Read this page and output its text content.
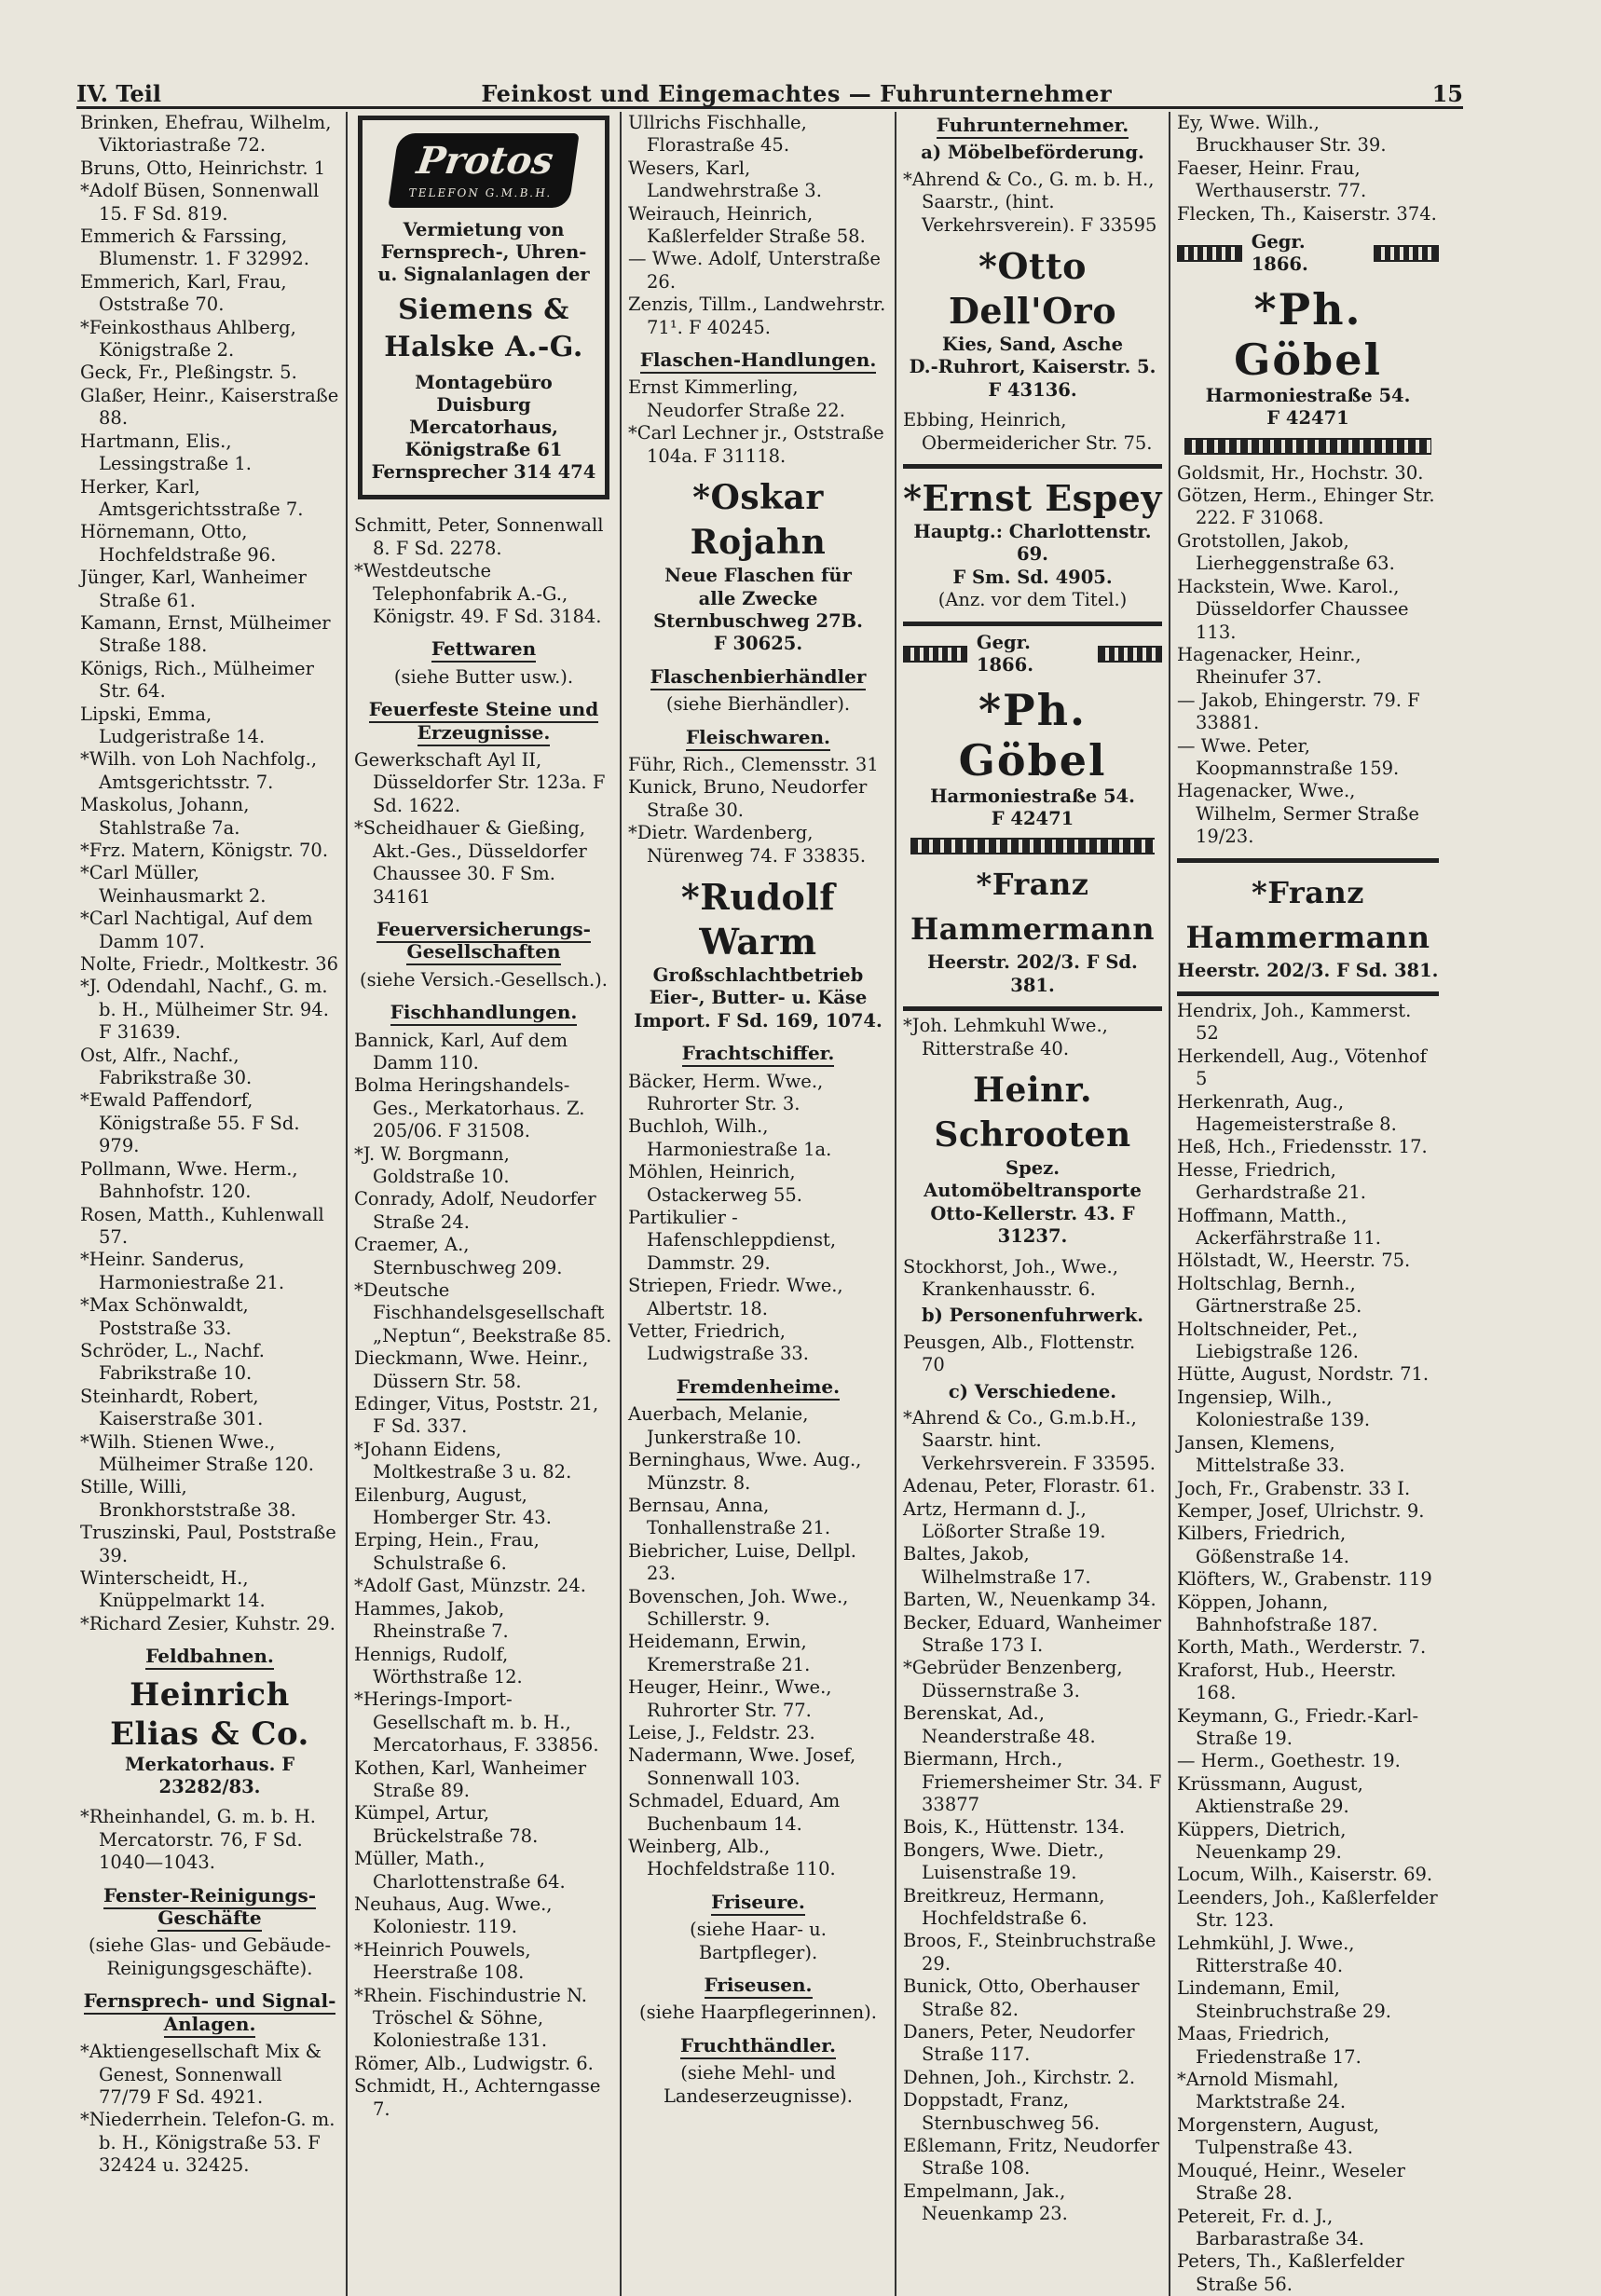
IV. Teil	Feinkost und Eingemachtes — Fuhrunternehmer	15
Brinken, Ehefrau, Wilhelm, Viktoriastraße 72.
Bruns, Otto, Heinrichstr. 1
*Adolf Büsen, Sonnenwall 15. F Sd. 819.
Emmerich & Farssing, Blumenstr. 1. F 32992.
Emmerich, Karl, Frau, Oststraße 70.
*Feinkosthaus Ahlberg, Königstraße 2.
Geck, Fr., Pleßingstr. 5.
Glaßer, Heinr., Kaiserstraße 88.
Hartmann, Elis., Lessingstraße 1.
Herker, Karl, Amtsgerichtsstraße 7.
Hörnemann, Otto, Hochfeldstraße 96.
Jünger, Karl, Wanheimer Straße 61.
Kamann, Ernst, Mülheimer Straße 188.
Königs, Rich., Mülheimer Str. 64.
Lipski, Emma, Ludgeristraße 14.
*Wilh. von Loh Nachfolg., Amtsgerichtsstr. 7.
Maskolus, Johann, Stahlstraße 7a.
*Frz. Matern, Königstr. 70.
*Carl Müller, Weinhausmarkt 2.
*Carl Nachtigal, Auf dem Damm 107.
Nolte, Friedr., Moltkestr. 36
*J. Odendahl, Nachf., G. m. b. H., Mülheimer Str. 94. F 31639.
Ost, Alfr., Nachf., Fabrikstraße 30.
*Ewald Paffendorf, Königstraße 55. F Sd. 979.
Pollmann, Wwe. Herm., Bahnhofstr. 120.
Rosen, Matth., Kuhlenwall 57.
*Heinr. Sanderus, Harmoniestraße 21.
*Max Schönwaldt, Poststraße 33.
Schröder, L., Nachf. Fabrikstraße 10.
Steinhardt, Robert, Kaiserstraße 301.
*Wilh. Stienen Wwe., Mülheimer Straße 120.
Stille, Willi, Bronkhorststraße 38.
Truszinski, Paul, Poststraße 39.
Winterscheidt, H., Knüppelmarkt 14.
*Richard Zesier, Kuhstr. 29.
Feldbahnen.
Heinrich Elias & Co.
Merkatorhaus. F 23282/83.
*Rheinhandel, G. m. b. H. Mercatorstr. 76, F Sd. 1040—1043.
Fenster-Reinigungs-Geschäfte
(siehe Glas- und Gebäude-Reinigungsgeschäfte).
Fernsprech- und Signal-Anlagen.
*Aktiengesellschaft Mix & Genest, Sonnenwall 77/79 F Sd. 4921.
*Niederrhein. Telefon-G. m. b. H., Königstraße 53. F 32424 u. 32425.
Protos
TELEFON G.M.B.H.
Vermietung von Fernsprech-, Uhren- u. Signalanlagen der
Siemens & Halske A.-G.
Montagebüro Duisburg Mercatorhaus, Königstraße 61 Fernsprecher 314 474
Schmitt, Peter, Sonnenwall 8. F Sd. 2278.
*Westdeutsche Telephonfabrik A.-G., Königstr. 49. F Sd. 3184.
Fettwaren
(siehe Butter usw.).
Feuerfeste Steine und Erzeugnisse.
Gewerkschaft Ayl II, Düsseldorfer Str. 123a. F Sd. 1622.
*Scheidhauer & Gießing, Akt.-Ges., Düsseldorfer Chaussee 30. F Sm. 34161
Feuerversicherungs-Gesellschaften
(siehe Versich.-Gesellsch.).
Fischhandlungen.
Bannick, Karl, Auf dem Damm 110.
Bolma Heringshandels-Ges., Merkatorhaus. Z. 205/06. F 31508.
*J. W. Borgmann, Goldstraße 10.
Conrady, Adolf, Neudorfer Straße 24.
Craemer, A., Sternbuschweg 209.
*Deutsche Fischhandelsgesellschaft „Neptun“, Beekstraße 85.
Dieckmann, Wwe. Heinr., Düssern Str. 58.
Edinger, Vitus, Poststr. 21, F Sd. 337.
*Johann Eidens, Moltkestraße 3 u. 82.
Eilenburg, August, Homberger Str. 43.
Erping, Hein., Frau, Schulstraße 6.
*Adolf Gast, Münzstr. 24.
Hammes, Jakob, Rheinstraße 7.
Hennigs, Rudolf, Wörthstraße 12.
*Herings-Import-Gesellschaft m. b. H., Mercatorhaus, F. 33856.
Kothen, Karl, Wanheimer Straße 89.
Kümpel, Artur, Brückelstraße 78.
Müller, Math., Charlottenstraße 64.
Neuhaus, Aug. Wwe., Koloniestr. 119.
*Heinrich Pouwels, Heerstraße 108.
*Rhein. Fischindustrie N. Tröschel & Söhne, Koloniestraße 131.
Römer, Alb., Ludwigstr. 6.
Schmidt, H., Achterngasse 7.
Ullrichs Fischhalle, Florastraße 45.
Wesers, Karl, Landwehrstraße 3.
Weirauch, Heinrich, Kaßlerfelder Straße 58.
— Wwe. Adolf, Unterstraße 26.
Zenzis, Tillm., Landwehrstr. 71¹. F 40245.
Flaschen-Handlungen.
Ernst Kimmerling, Neudorfer Straße 22.
*Carl Lechner jr., Oststraße 104a. F 31118.
*Oskar Rojahn
Neue Flaschen für
alle Zwecke
Sternbuschweg 27B.
F 30625.
Flaschenbierhändler
(siehe Bierhändler).
Fleischwaren.
Führ, Rich., Clemensstr. 31
Kunick, Bruno, Neudorfer Straße 30.
*Dietr. Wardenberg, Nürenweg 74. F 33835.
*Rudolf Warm
Großschlachtbetrieb
Eier-, Butter- u. Käse Import. F Sd. 169, 1074.
Frachtschiffer.
Bäcker, Herm. Wwe., Ruhrorter Str. 3.
Buchloh, Wilh., Harmoniestraße 1a.
Möhlen, Heinrich, Ostackerweg 55.
Partikulier - Hafenschleppdienst, Dammstr. 29.
Striepen, Friedr. Wwe., Albertstr. 18.
Vetter, Friedrich, Ludwigstraße 33.
Fremdenheime.
Auerbach, Melanie, Junkerstraße 10.
Berninghaus, Wwe. Aug., Münzstr. 8.
Bernsau, Anna, Tonhallenstraße 21.
Biebricher, Luise, Dellpl. 23.
Bovenschen, Joh. Wwe., Schillerstr. 9.
Heidemann, Erwin, Kremerstraße 21.
Heuger, Heinr., Wwe., Ruhrorter Str. 77.
Leise, J., Feldstr. 23.
Nadermann, Wwe. Josef, Sonnenwall 103.
Schmadel, Eduard, Am Buchenbaum 14.
Weinberg, Alb., Hochfeldstraße 110.
Friseure.
(siehe Haar- u. Bartpfleger).
Friseusen.
(siehe Haarpflegerinnen).
Fruchthändler.
(siehe Mehl- und Landeserzeugnisse).
Fuhrunternehmer.
a) Möbelbeförderung.
*Ahrend & Co., G. m. b. H., Saarstr., (hint. Verkehrsverein). F 33595
*Otto Dell'Oro
Kies, Sand, Asche
D.-Ruhrort, Kaiserstr. 5.
F 43136.
Ebbing, Heinrich, Obermeidericher Str. 75.
*Ernst Espey
Hauptg.: Charlottenstr. 69.
F Sm. Sd. 4905.
(Anz. vor dem Titel.)
Gegr. 1866.
*Ph. Göbel
Harmoniestraße 54.
F 42471
*Franz Hammermann
Heerstr. 202/3. F Sd. 381.
*Joh. Lehmkuhl Wwe., Ritterstraße 40.
Heinr. Schrooten
Spez. Automöbeltransporte
Otto-Kellerstr. 43. F 31237.
Stockhorst, Joh., Wwe., Krankenhausstr. 6.
b) Personenfuhrwerk.
Peusgen, Alb., Flottenstr. 70
c) Verschiedene.
*Ahrend & Co., G.m.b.H., Saarstr. hint. Verkehrsverein. F 33595.
Adenau, Peter, Florastr. 61.
Artz, Hermann d. J., Lößorter Straße 19.
Baltes, Jakob, Wilhelmstraße 17.
Barten, W., Neuenkamp 34.
Becker, Eduard, Wanheimer Straße 173 I.
*Gebrüder Benzenberg, Düssernstraße 3.
Berenskat, Ad., Neanderstraße 48.
Biermann, Hrch., Friemersheimer Str. 34. F 33877
Bois, K., Hüttenstr. 134.
Bongers, Wwe. Dietr., Luisenstraße 19.
Breitkreuz, Hermann, Hochfeldstraße 6.
Broos, F., Steinbruchstraße 29.
Bunick, Otto, Oberhauser Straße 82.
Daners, Peter, Neudorfer Straße 117.
Dehnen, Joh., Kirchstr. 2.
Doppstadt, Franz, Sternbuschweg 56.
Eßlemann, Fritz, Neudorfer Straße 108.
Empelmann, Jak., Neuenkamp 23.
Ey, Wwe. Wilh., Bruckhauser Str. 39.
Faeser, Heinr. Frau, Werthauserstr. 77.
Flecken, Th., Kaiserstr. 374.
Gegr. 1866.
*Ph. Göbel
Harmoniestraße 54.
F 42471
Goldsmit, Hr., Hochstr. 30.
Götzen, Herm., Ehinger Str. 222. F 31068.
Grotstollen, Jakob, Lierheggenstraße 63.
Hackstein, Wwe. Karol., Düsseldorfer Chaussee 113.
Hagenacker, Heinr., Rheinufer 37.
— Jakob, Ehingerstr. 79. F 33881.
— Wwe. Peter, Koopmannstraße 159.
Hagenacker, Wwe., Wilhelm, Sermer Straße 19/23.
*Franz Hammermann
Heerstr. 202/3. F Sd. 381.
Hendrix, Joh., Kammerst. 52
Herkendell, Aug., Vötenhof 5
Herkenrath, Aug., Hagemeisterstraße 8.
Heß, Hch., Friedensstr. 17.
Hesse, Friedrich, Gerhardstraße 21.
Hoffmann, Matth., Ackerfährstraße 11.
Hölstadt, W., Heerstr. 75.
Holtschlag, Bernh., Gärtnerstraße 25.
Holtschneider, Pet., Liebigstraße 126.
Hütte, August, Nordstr. 71.
Ingensiep, Wilh., Koloniestraße 139.
Jansen, Klemens, Mittelstraße 33.
Joch, Fr., Grabenstr. 33 I.
Kemper, Josef, Ulrichstr. 9.
Kilbers, Friedrich, Gößenstraße 14.
Klöfters, W., Grabenstr. 119
Köppen, Johann, Bahnhofstraße 187.
Korth, Math., Werderstr. 7.
Kraforst, Hub., Heerstr. 168.
Keymann, G., Friedr.-Karl-Straße 19.
— Herm., Goethestr. 19.
Krüssmann, August, Aktienstraße 29.
Küppers, Dietrich, Neuenkamp 29.
Locum, Wilh., Kaiserstr. 69.
Leenders, Joh., Kaßlerfelder Str. 123.
Lehmkühl, J. Wwe., Ritterstraße 40.
Lindemann, Emil, Steinbruchstraße 29.
Maas, Friedrich, Friedenstraße 17.
*Arnold Mismahl, Marktstraße 24.
Morgenstern, August, Tulpenstraße 43.
Mouqué, Heinr., Weseler Straße 28.
Petereit, Fr. d. J., Barbarastraße 34.
Peters, Th., Kaßlerfelder Straße 56.
